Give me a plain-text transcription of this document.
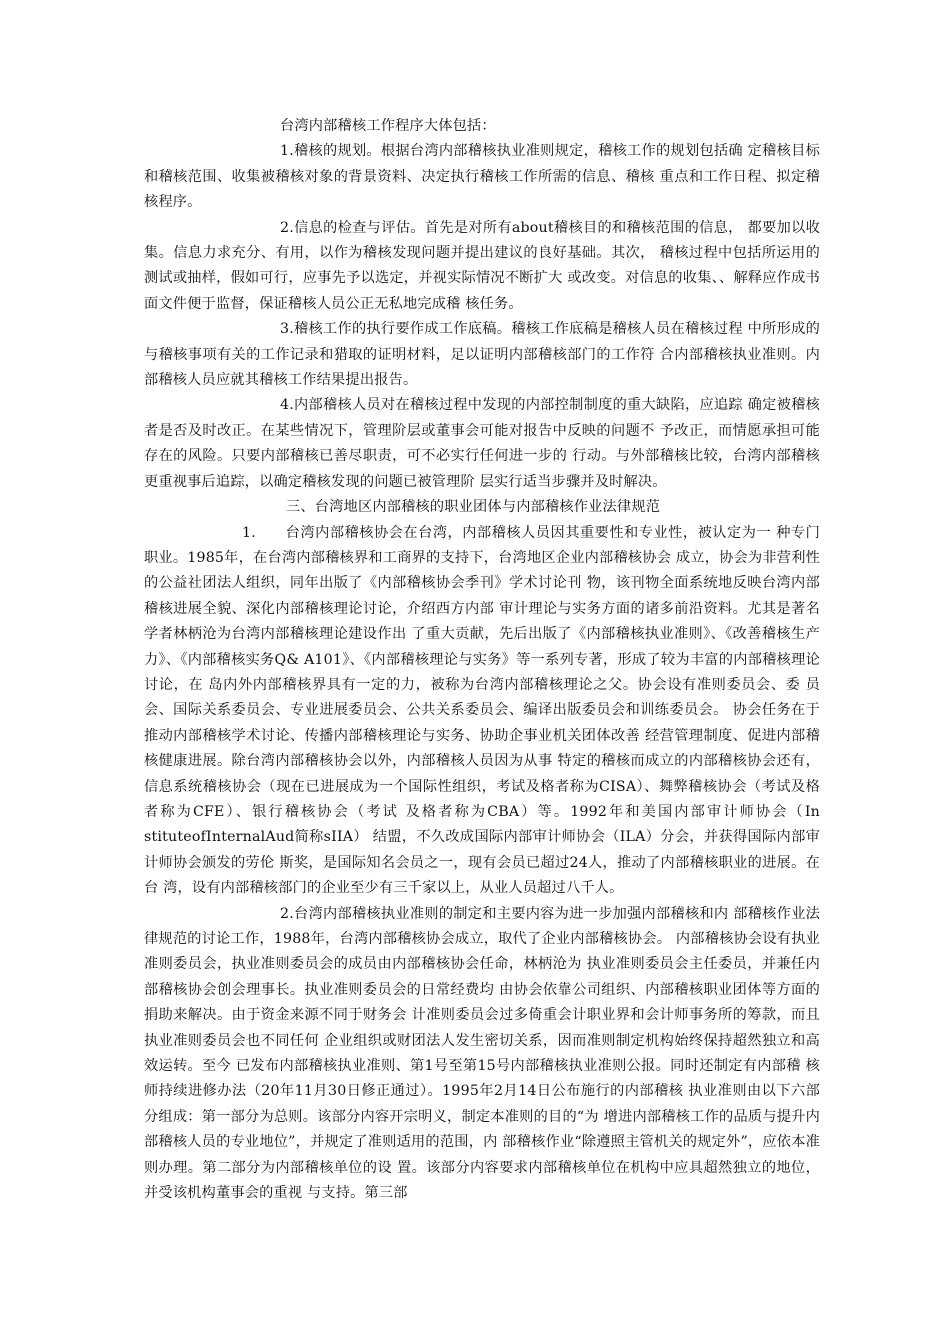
台湾内部稽核工作程序大体包括：

1.稽核的规划。根据台湾内部稽核执业准则规定，稽核工作的规划包括确 定稽核目标和稽核范围、收集被稽核对象的背景资料、决定执行稽核工作所需的信息、稽核 重点和工作日程、拟定稽核程序。

2.信息的检查与评估。首先是对所有about稽核目的和稽核范围的信息， 都要加以收集。信息力求充分、有用，以作为稽核发现问题并提出建议的良好基础。其次， 稽核过程中包括所运用的测试或抽样，假如可行，应事先予以选定，并视实际情况不断扩大 或改变。对信息的收集、、解释应作成书面文件便于监督，保证稽核人员公正无私地完成稽 核任务。

3.稽核工作的执行要作成工作底稿。稽核工作底稿是稽核人员在稽核过程 中所形成的与稽核事项有关的工作记录和猎取的证明材料，足以证明内部稽核部门的工作符 合内部稽核执业准则。内部稽核人员应就其稽核工作结果提出报告。

4.内部稽核人员对在稽核过程中发现的内部控制制度的重大缺陷，应追踪 确定被稽核者是否及时改正。在某些情况下，管理阶层或董事会可能对报告中反映的问题不 予改正，而情愿承担可能存在的风险。只要内部稽核已善尽职责，可不必实行任何进一步的 行动。与外部稽核比较，台湾内部稽核更重视事后追踪，以确定稽核发现的问题已被管理阶 层实行适当步骤并及时解决。

三、台湾地区内部稽核的职业团体与内部稽核作业法律规范

1.　　台湾内部稽核协会在台湾，内部稽核人员因其重要性和专业性，被认定为一 种专门职业。1985年，在台湾内部稽核界和工商界的支持下，台湾地区企业内部稽核协会 成立，协会为非营利性的公益社团法人组织，同年出版了《内部稽核协会季刊》学术讨论刊 物，该刊物全面系统地反映台湾内部稽核进展全貌、深化内部稽核理论讨论，介绍西方内部 审计理论与实务方面的诸多前沿资料。尤其是著名学者林柄沧为台湾内部稽核理论建设作出 了重大贡献，先后出版了《内部稽核执业准则》、《改善稽核生产力》、《内部稽核实务Q& A101》、《内部稽核理论与实务》等一系列专著，形成了较为丰富的内部稽核理论讨论，在 岛内外内部稽核界具有一定的力，被称为台湾内部稽核理论之父。协会设有准则委员会、委 员会、国际关系委员会、专业进展委员会、公共关系委员会、编译出版委员会和训练委员会。 协会任务在于推动内部稽核学术讨论、传播内部稽核理论与实务、协助企事业机关团体改善 经营管理制度、促进内部稽核健康进展。除台湾内部稽核协会以外，内部稽核人员因为从事 特定的稽核而成立的内部稽核协会还有，信息系统稽核协会（现在已进展成为一个国际性组织，考试及格者称为CISA）、舞弊稽核协会（考试及格者称为CFE）、银行稽核协会（考试 及格者称为CBA）等。1992年和美国内部审计师协会（In stituteofInternalAud简称sIIA） 结盟，不久改成国际内部审计师协会（ILA）分会，并获得国际内部审计师协会颁发的劳伦 斯奖，是国际知名会员之一，现有会员已超过24人，推动了内部稽核职业的进展。在台 湾，设有内部稽核部门的企业至少有三千家以上，从业人员超过八千人。

2.台湾内部稽核执业准则的制定和主要内容为进一步加强内部稽核和内 部稽核作业法律规范的讨论工作，1988年，台湾内部稽核协会成立，取代了企业内部稽核协会。 内部稽核协会设有执业准则委员会，执业准则委员会的成员由内部稽核协会任命，林柄沧为 执业准则委员会主任委员，并兼任内部稽核协会创会理事长。执业准则委员会的日常经费均 由协会依靠公司组织、内部稽核职业团体等方面的捐助来解决。由于资金来源不同于财务会 计准则委员会过多倚重会计职业界和会计师事务所的筹款，而且执业准则委员会也不同任何 企业组织或财团法人发生密切关系，因而准则制定机构始终保持超然独立和高效运转。至今 已发布内部稽核执业准则、第1号至第15号内部稽核执业准则公报。同时还制定有内部稽 核师持续进修办法（20年11月30日修正通过）。1995年2月14日公布施行的内部稽核 执业准则由以下六部分组成：第一部分为总则。该部分内容开宗明义，制定本准则的目的“为 增进内部稽核工作的品质与提升内部稽核人员的专业地位”，并规定了准则适用的范围，内 部稽核作业“除遵照主管机关的规定外”，应依本准则办理。第二部分为内部稽核单位的设 置。该部分内容要求内部稽核单位在机构中应具超然独立的地位，并受该机构董事会的重视 与支持。第三部
